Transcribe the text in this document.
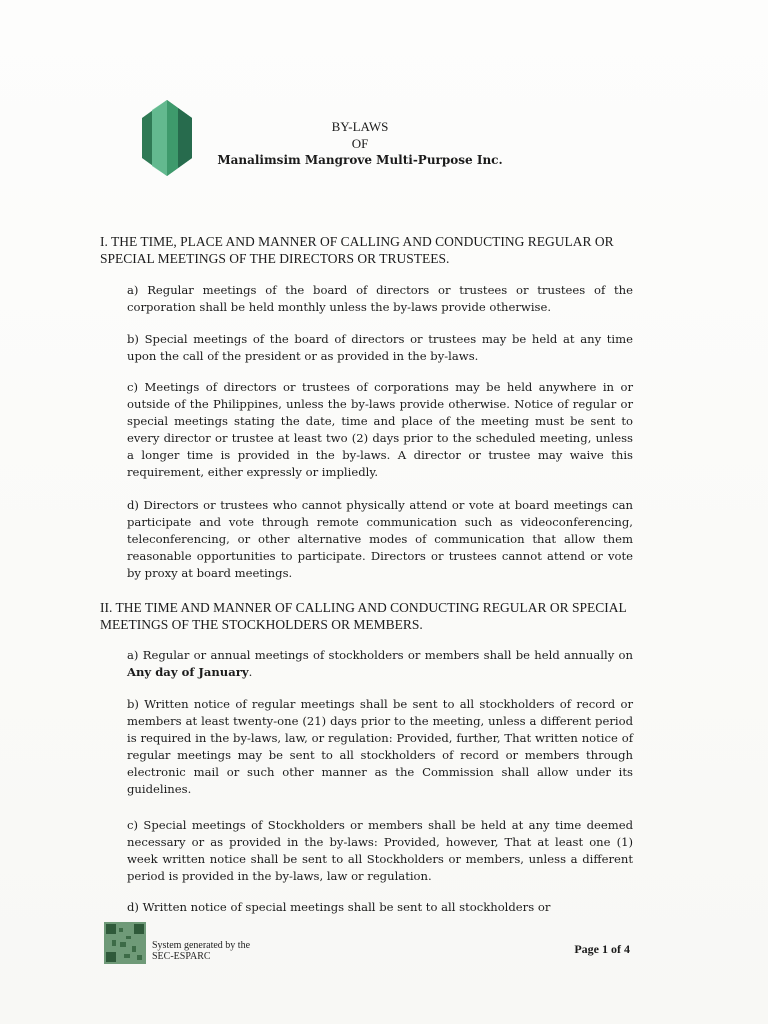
BY-LAWS
OF
Manalimsim Mangrove Multi-Purpose Inc.
I. THE TIME, PLACE AND MANNER OF CALLING AND CONDUCTING REGULAR OR SPECIAL MEETINGS OF THE DIRECTORS OR TRUSTEES.
a) Regular meetings of the board of directors or trustees or trustees of the corporation shall be held monthly unless the by-laws provide otherwise.
b) Special meetings of the board of directors or trustees may be held at any time upon the call of the president or as provided in the by-laws.
c) Meetings of directors or trustees of corporations may be held anywhere in or outside of the Philippines, unless the by-laws provide otherwise. Notice of regular or special meetings stating the date, time and place of the meeting must be sent to every director or trustee at least two (2) days prior to the scheduled meeting, unless a longer time is provided in the by-laws. A director or trustee may waive this requirement, either expressly or impliedly.
d) Directors or trustees who cannot physically attend or vote at board meetings can participate and vote through remote communication such as videoconferencing, teleconferencing, or other alternative modes of communication that allow them reasonable opportunities to participate. Directors or trustees cannot attend or vote by proxy at board meetings.
II. THE TIME AND MANNER OF CALLING AND CONDUCTING REGULAR OR SPECIAL MEETINGS OF THE STOCKHOLDERS OR MEMBERS.
a) Regular or annual meetings of stockholders or members shall be held annually on Any day of January.
b) Written notice of regular meetings shall be sent to all stockholders of record or members at least twenty-one (21) days prior to the meeting, unless a different period is required in the by-laws, law, or regulation: Provided, further, That written notice of regular meetings may be sent to all stockholders of record or members through electronic mail or such other manner as the Commission shall allow under its guidelines.
c) Special meetings of Stockholders or members shall be held at any time deemed necessary or as provided in the by-laws: Provided, however, That at least one (1) week written notice shall be sent to all Stockholders or members, unless a different period is provided in the by-laws, law or regulation.
d) Written notice of special meetings shall be sent to all stockholders or
System generated by the
SEC-ESPARC
Page 1 of 4
